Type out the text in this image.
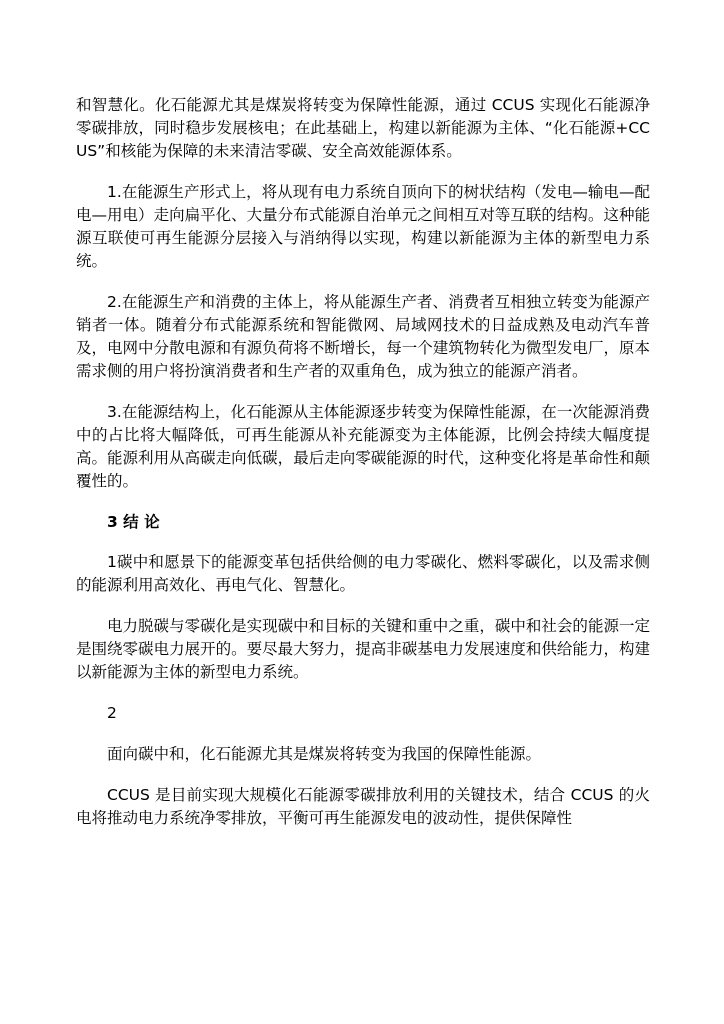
和智慧化。化石能源尤其是煤炭将转变为保障性能源，通过 CCUS 实现化石能源净零碳排放，同时稳步发展核电；在此基础上，构建以新能源为主体、“化石能源+CCUS”和核能为保障的未来清洁零碳、安全高效能源体系。

1.在能源生产形式上，将从现有电力系统自顶向下的树状结构（发电—输电—配电—用电）走向扁平化、大量分布式能源自治单元之间相互对等互联的结构。这种能源互联使可再生能源分层接入与消纳得以实现，构建以新能源为主体的新型电力系统。

2.在能源生产和消费的主体上，将从能源生产者、消费者互相独立转变为能源产销者一体。随着分布式能源系统和智能微网、局域网技术的日益成熟及电动汽车普及，电网中分散电源和有源负荷将不断增长，每一个建筑物转化为微型发电厂，原本需求侧的用户将扮演消费者和生产者的双重角色，成为独立的能源产消者。

3.在能源结构上，化石能源从主体能源逐步转变为保障性能源，在一次能源消费中的占比将大幅降低，可再生能源从补充能源变为主体能源，比例会持续大幅度提高。能源利用从高碳走向低碳，最后走向零碳能源的时代，这种变化将是革命性和颠覆性的。

3 结 论

1碳中和愿景下的能源变革包括供给侧的电力零碳化、燃料零碳化，以及需求侧的能源利用高效化、再电气化、智慧化。

电力脱碳与零碳化是实现碳中和目标的关键和重中之重，碳中和社会的能源一定是围绕零碳电力展开的。要尽最大努力，提高非碳基电力发展速度和供给能力，构建以新能源为主体的新型电力系统。

2

面向碳中和，化石能源尤其是煤炭将转变为我国的保障性能源。

CCUS 是目前实现大规模化石能源零碳排放利用的关键技术，结合 CCUS 的火电将推动电力系统净零排放，平衡可再生能源发电的波动性，提供保障性
